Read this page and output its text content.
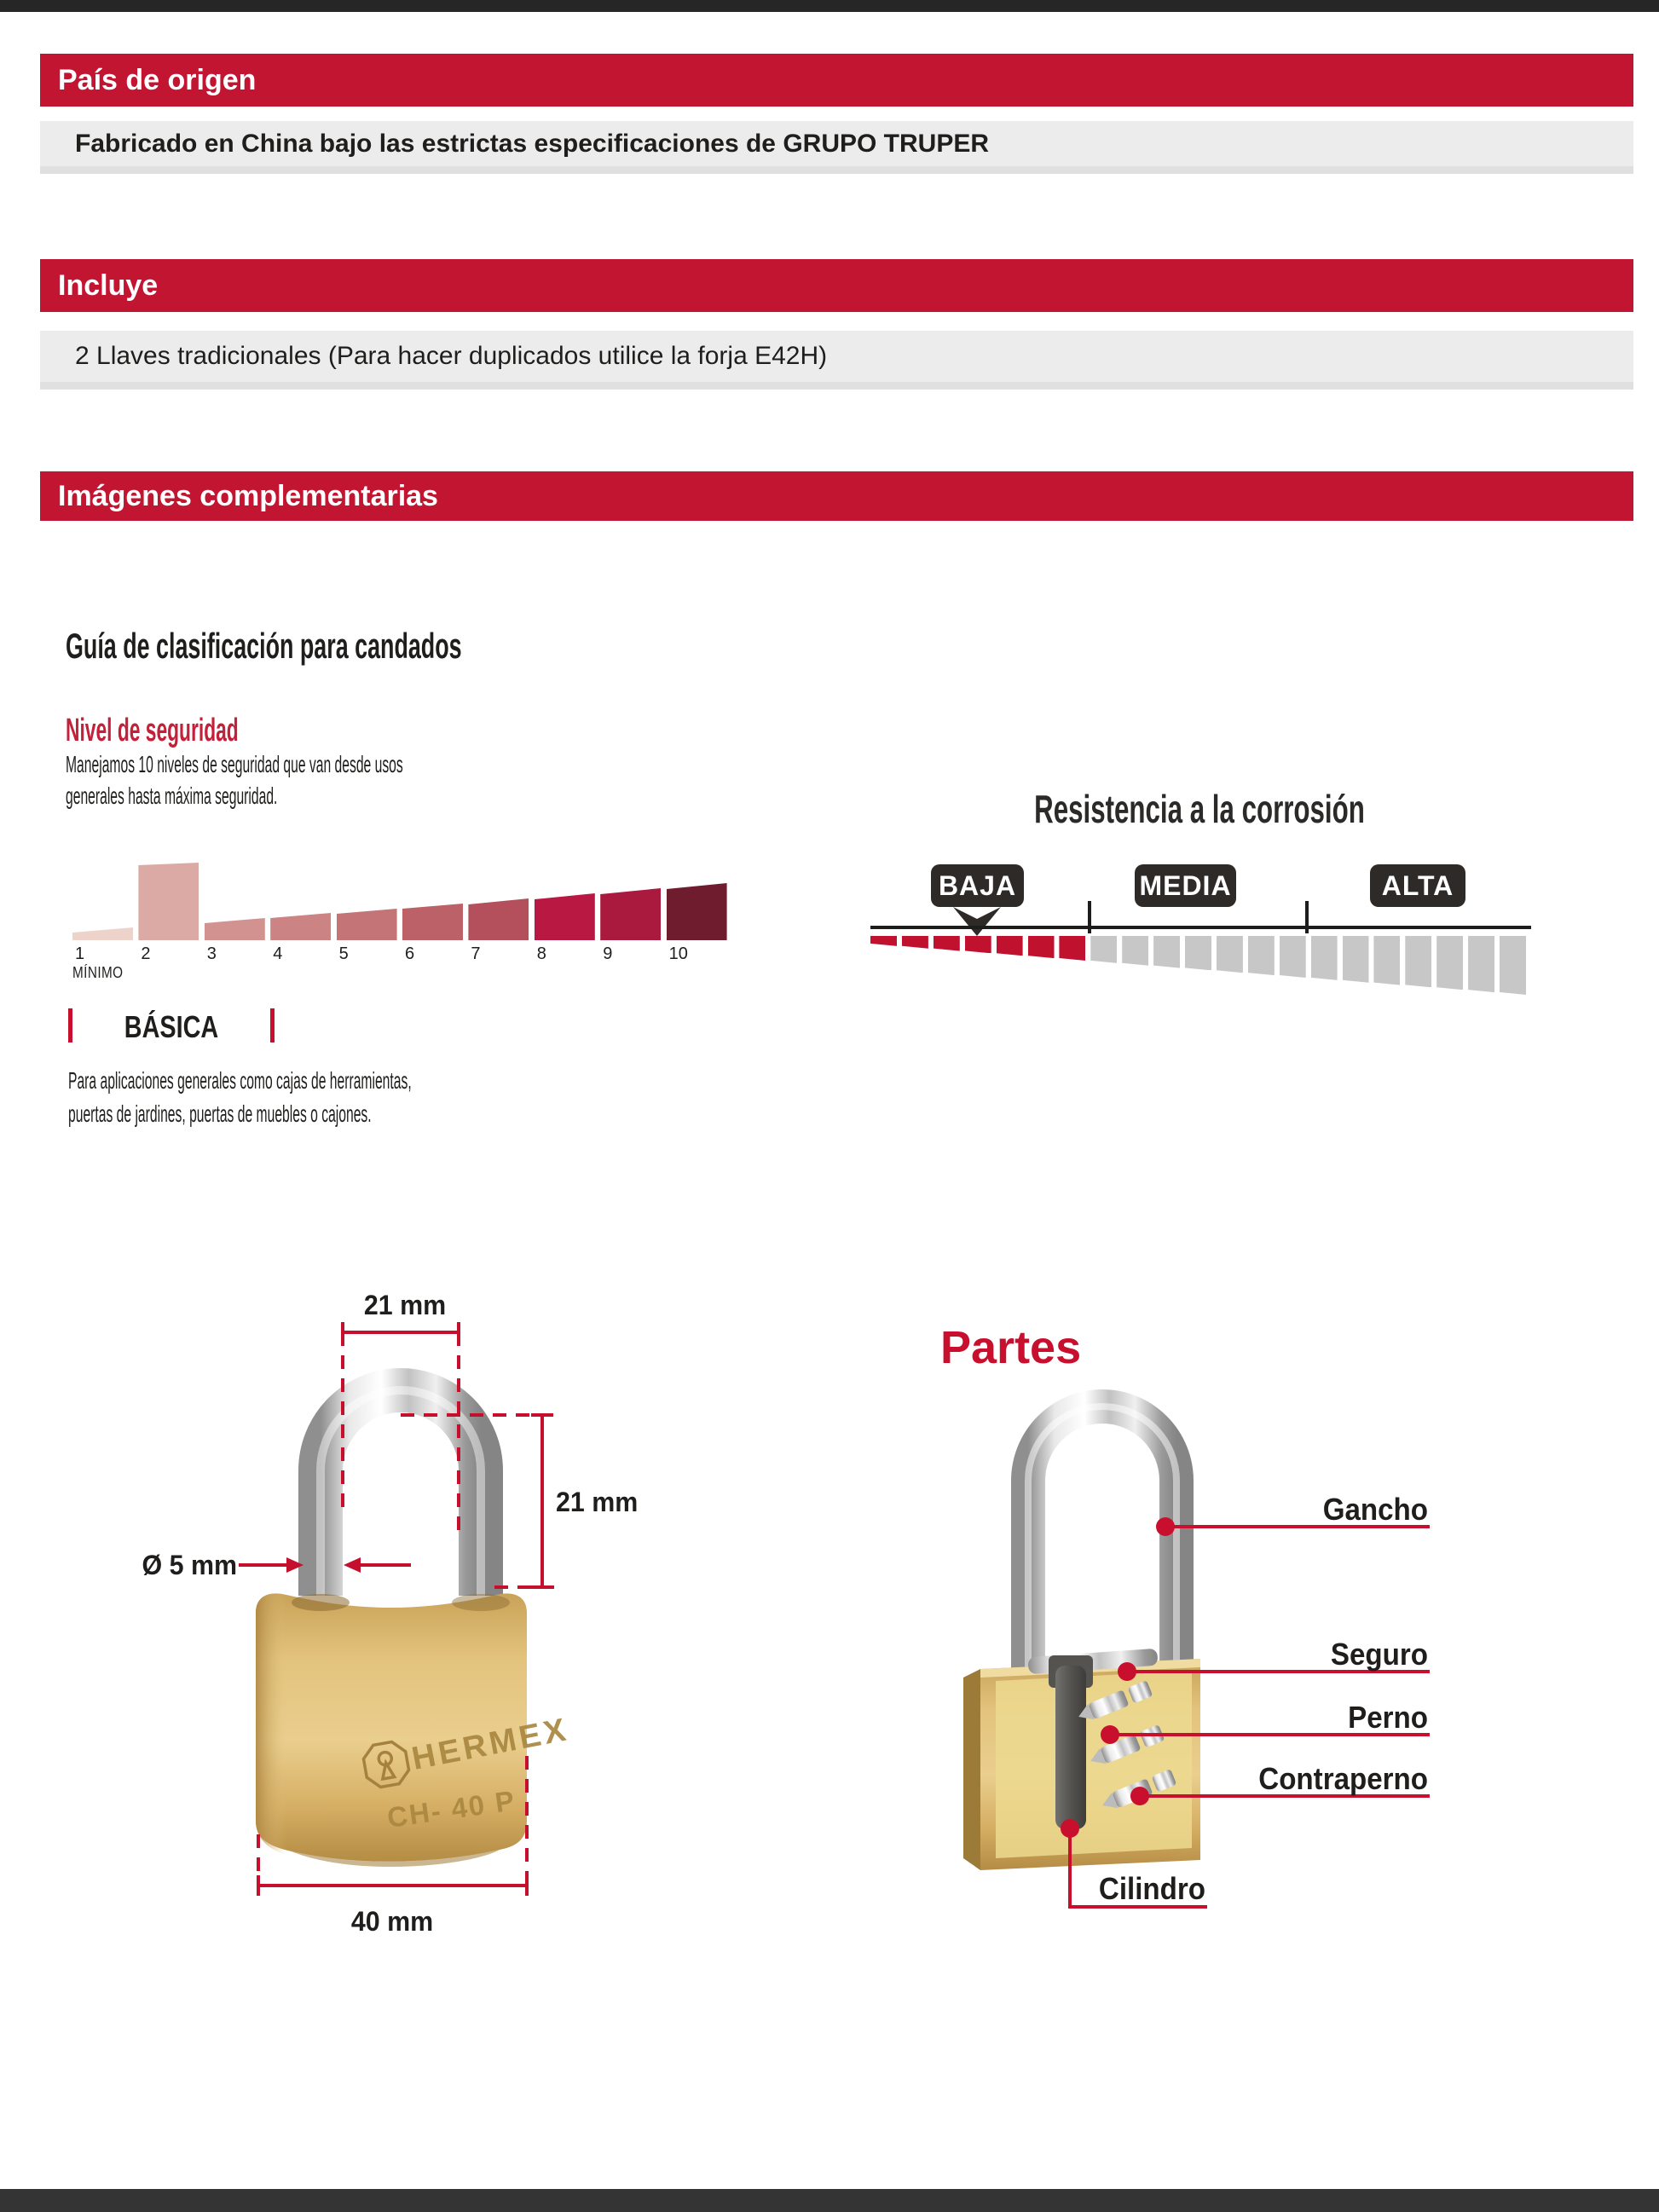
País de origen
Fabricado en China bajo las estrictas especificaciones de GRUPO TRUPER
Incluye
2 Llaves tradicionales (Para hacer duplicados utilice la forja E42H)
Imágenes complementarias
Guía de clasificación para candados
Nivel de seguridad
Manejamos 10 niveles de seguridad que van desde usos
generales hasta máxima seguridad.
1	2	3	4	5	6	7	8	9	10
MÍNIMO
BÁSICA
Para aplicaciones generales como cajas de herramientas,
puertas de jardines, puertas de muebles o cajones.
Resistencia a la corrosión
BAJA	MEDIA	ALTA
HERMEX
CH- 40 P
21 mm
21 mm
Ø 5 mm
40 mm
Partes
Gancho
Seguro
Perno
Contraperno
Cilindro
